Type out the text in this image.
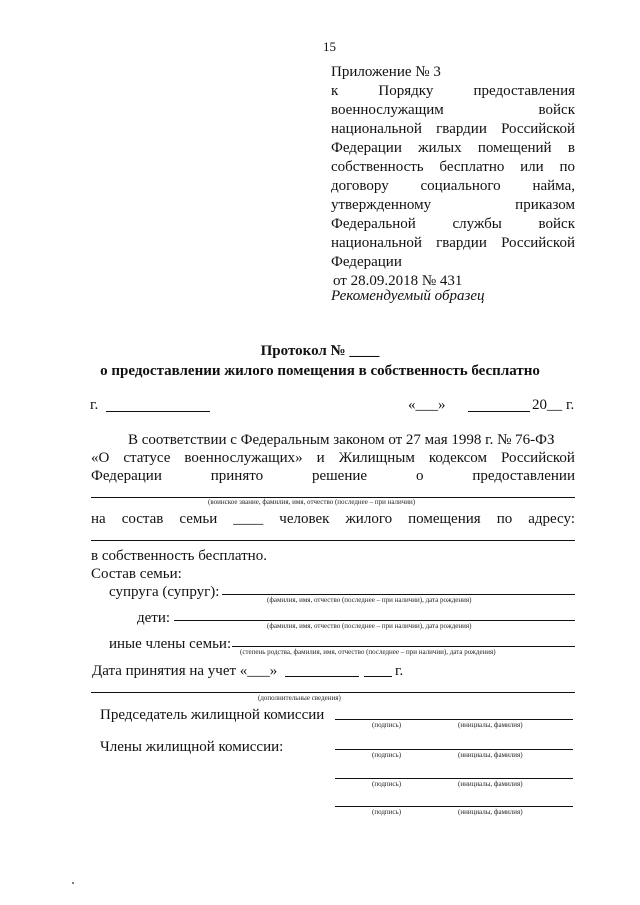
15
Приложение № 3
к	Порядку	предоставления
военнослужащим	войск
национальной гвардии Российской
Федерации жилых помещений в
собственность бесплатно или по
договору социального найма,
утвержденному	приказом
Федеральной службы войск
национальной гвардии Российской
Федерации
от 28.09.2018 № 431
Рекомендуемый образец
Протокол № ____
о предоставлении жилого помещения в собственность бесплатно
г.	«___»	20__ г.
В соответствии с Федеральным законом от 27 мая 1998 г. № 76-ФЗ
«О статусе военнослужащих» и Жилищным кодексом Российской
Федерации	принято	решение	о	предоставлении
(воинское звание, фамилия, имя, отчество (последнее – при наличии)
на состав семьи ____ человек жилого помещения по адресу:
в собственность бесплатно.
Состав семьи:
супруга (супруг):	(фамилия, имя, отчество (последнее – при наличии), дата рождения)
дети:	(фамилия, имя, отчество (последнее – при наличии), дата рождения)
иные члены семьи: (степень родства, фамилия, имя, отчество (последнее – при наличии), дата рождения)
Дата принятия на учет «___»	г.
(дополнительные сведения)
Председатель жилищной комиссии
Члены жилищной комиссии:
(подпись)	(инициалы, фамилия)
(подпись)	(инициалы, фамилия)
(подпись)	(инициалы, фамилия)
(подпись)	(инициалы, фамилия)
